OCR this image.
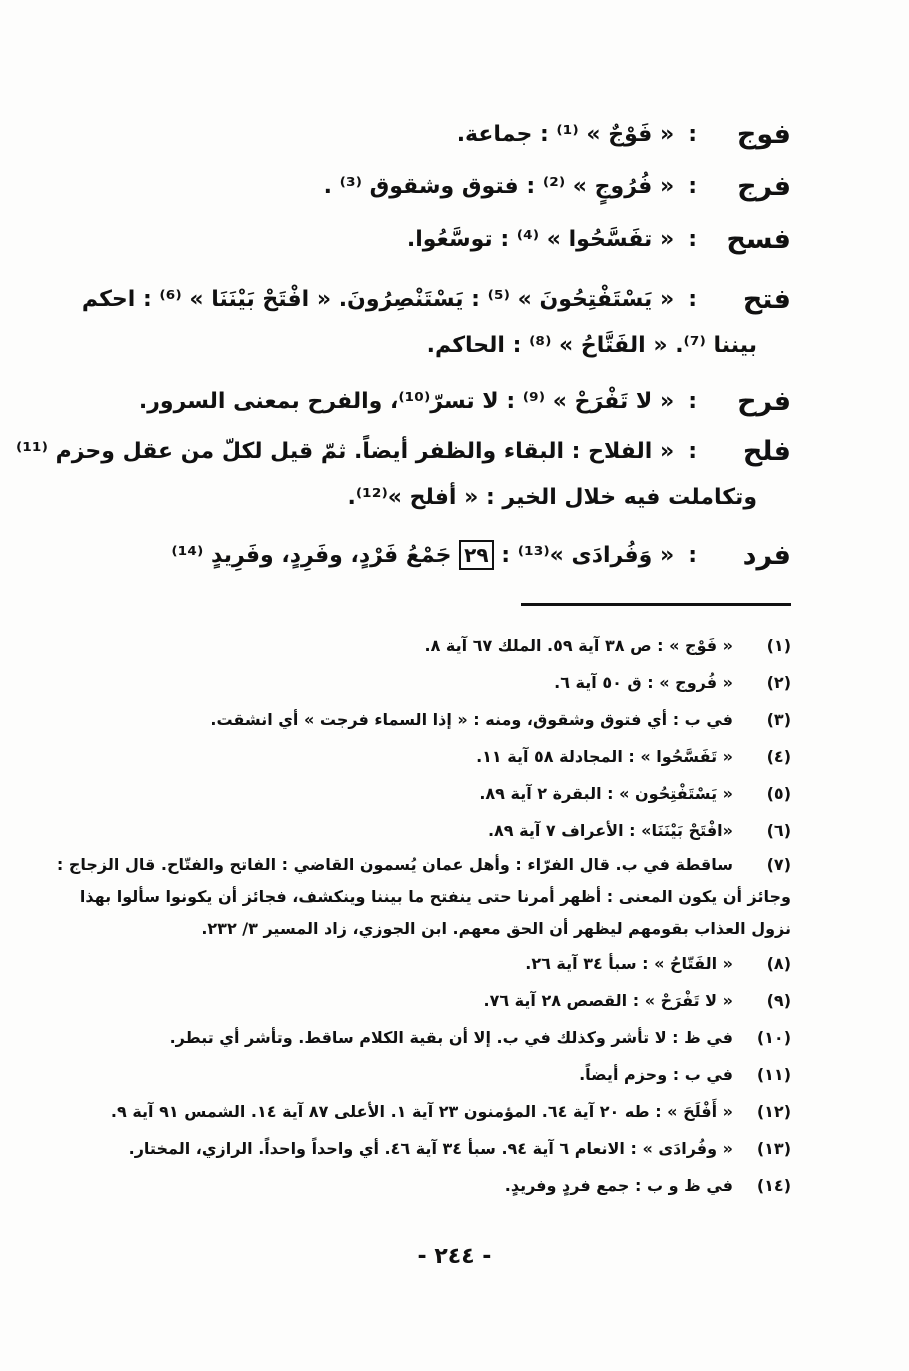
فوج
:« فَوْجٌ » ⁽¹⁾ : جماعة.
فرج
:« فُرُوجٍ » ⁽²⁾ : فتوق وشقوق ⁽³⁾ .
فسح
:« تفَسَّحُوا » ⁽⁴⁾ : توسَّعُوا.
فتح
:« يَسْتَفْتِحُونَ » ⁽⁵⁾ : يَسْتَنْصِرُونَ. « افْتَحْ بَيْنَنَا » ⁽⁶⁾ : احكم
بيننا ⁽⁷⁾. « الفَتَّاحُ » ⁽⁸⁾ : الحاكم.
فرح
:« لا تَفْرَحْ » ⁽⁹⁾ : لا تسرّ⁽¹⁰⁾، والفرح بمعنى السرور.
فلح
:« الفلاح : البقاء والظفر أيضاً. ثمّ قيل لكلّ من عقل وحزم ⁽¹¹⁾
وتكاملت فيه خلال الخير : « أفلح »⁽¹²⁾.
فرد
:« وَفُرادَى »⁽¹³⁾ : ٢٩ جَمْعُ فَرْدٍ، وفَرِدٍ، وفَرِيدٍ ⁽¹⁴⁾
(١)
« فَوْج » : ص ٣٨ آية ٥٩. الملك ٦٧ آية ٨.
(٢)
« فُروج » : ق ٥٠ آية ٦.
(٣)
في ب : أي فتوق وشقوق، ومنه : « إذا السماء فرجت » أي انشقت.
(٤)
« تَفَسَّحُوا » : المجادلة ٥٨ آية ١١.
(٥)
« يَسْتَفْتِحُون » : البقرة ٢ آية ٨٩.
(٦)
«افْتَحْ بَيْنَنَا» : الأعراف ٧ آية ٨٩.
(٧)
ساقطة في ب. قال الفرّاء : وأهل عمان يُسمون القاضي : الفاتح والفتّاح. قال الزجاج :
وجائز أن يكون المعنى : أظهر أمرنا حتى ينفتح ما بيننا وينكشف، فجائز أن يكونوا سألوا بهذا
نزول العذاب بقومهم ليظهر أن الحق معهم. ابن الجوزي، زاد المسير ٣/ ٢٣٢.
(٨)
« الفَتّاحُ » : سبأ ٣٤ آية ٢٦.
(٩)
« لا تَفْرَحْ » : القصص ٢٨ آية ٧٦.
(١٠)
في ظ : لا تأشر وكذلك في ب. إلا أن بقية الكلام ساقط. وتأشر أي تبطر.
(١١)
في ب : وحزم أيضاً.
(١٢)
« أَفْلَحَ » : طه ٢٠ آية ٦٤. المؤمنون ٢٣ آية ١. الأعلى ٨٧ آية ١٤. الشمس ٩١ آية ٩.
(١٣)
« وفُرادَى » : الانعام ٦ آية ٩٤. سبأ ٣٤ آية ٤٦. أي واحداً واحداً. الرازي، المختار.
(١٤)
في ظ و ب : جمع فردٍ وفريدٍ.
- ٢٤٤ -
